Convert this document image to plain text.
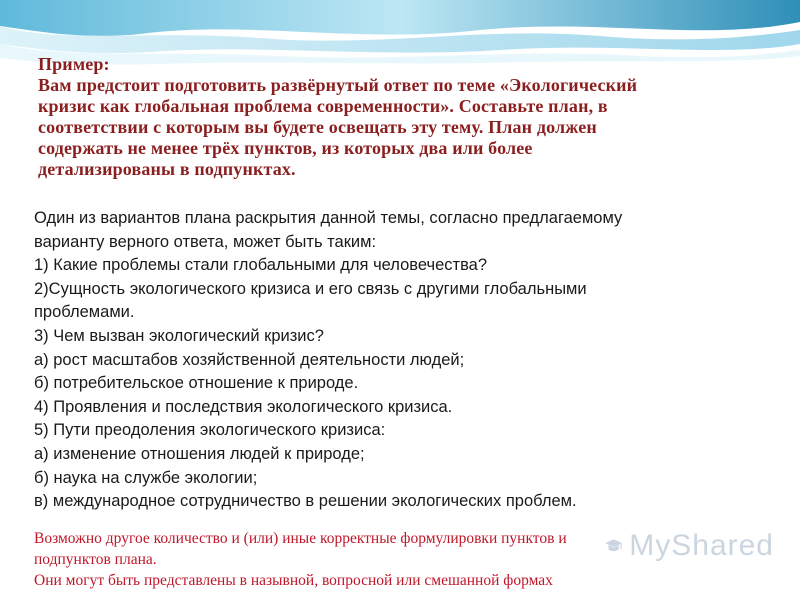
Пример:
Вам предстоит подготовить развёрнутый ответ по теме «Экологический
кризис как глобальная проблема современности». Составьте план, в
соответствии с которым вы будете освещать эту тему. План должен
содержать не менее трёх пунктов, из которых два или более
детализированы в подпунктах.
Один из вариантов плана раскрытия данной темы, согласно предлагаемому
варианту верного ответа, может быть таким:
1) Какие проблемы стали глобальными для человечества?
2)Сущность экологического кризиса и его связь с другими глобальными
проблемами.
3) Чем вызван экологический кризис?
а) рост масштабов хозяйственной деятельности людей;
б) потребительское отношение к природе.
4) Проявления и последствия экологического кризиса.
5) Пути преодоления экологического кризиса:
а) изменение отношения людей к природе;
б) наука на службе экологии;
в) международное сотрудничество в решении экологических проблем.
Возможно другое количество и (или) иные корректные формулировки пунктов и
подпунктов плана.
Они могут быть представлены в назывной, вопросной или смешанной формах
MyShared
